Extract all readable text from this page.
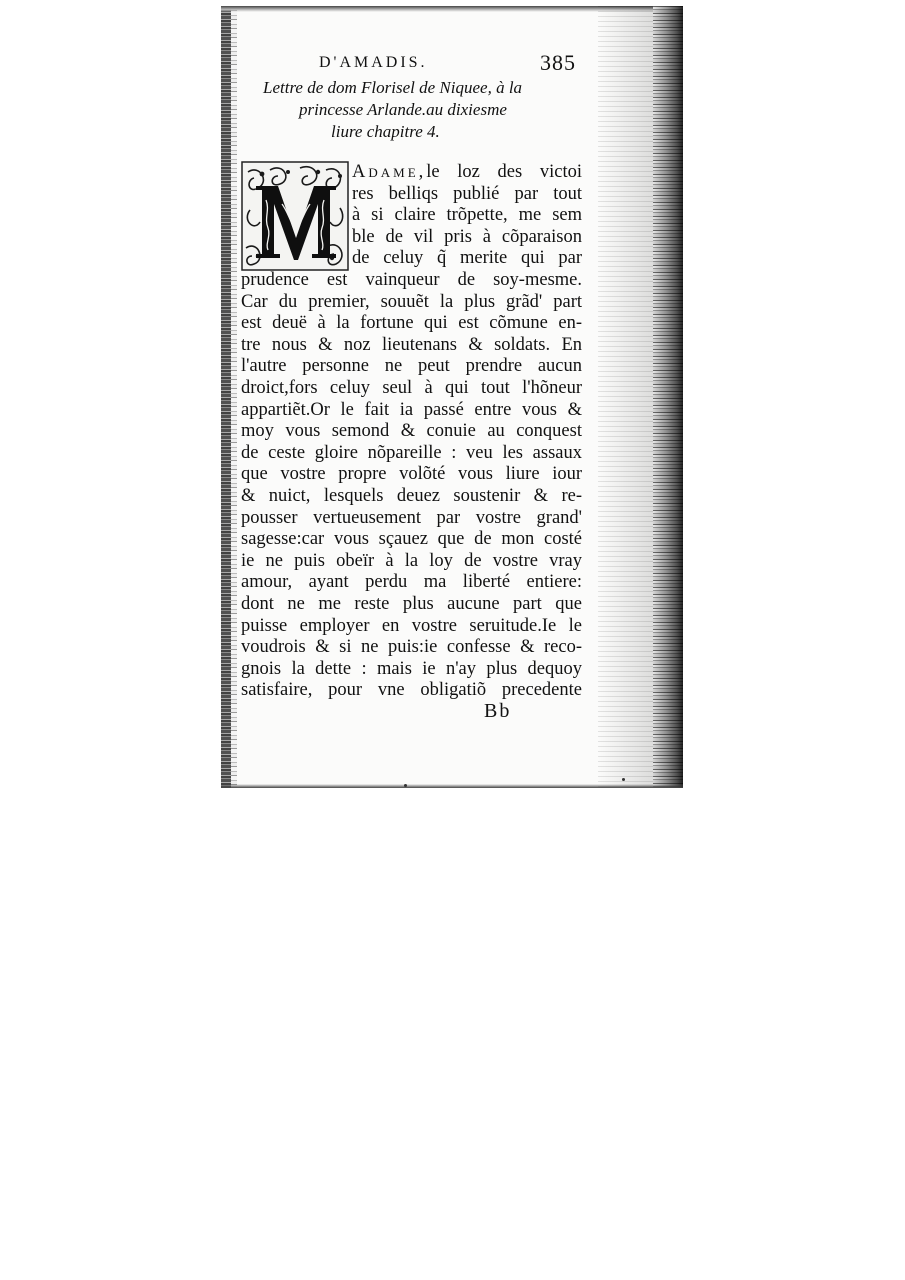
D'AMADIS.	385
Lettre de dom Florisel de Niquee, à la
princesse Arlande.au dixiesme
liure chapitre 4.
Adame,le loz des victoi
res belliqs publié par tout
à si claire trõpette, me sem
ble de vil pris à cõparaison
de celuy q̃ merite qui par
prudence est vainqueur de soy-mesme.
Car du premier, souuẽt la plus grãd' part
est deuë à la fortune qui est cõmune en-
tre nous & noz lieutenans & soldats. En
l'autre personne ne peut prendre aucun
droict,fors celuy seul à qui tout l'hõneur
appartiẽt.Or le fait ia passé entre vous &
moy vous semond & conuie au conquest
de ceste gloire nõpareille : veu les assaux
que vostre propre volõté vous liure iour
& nuict, lesquels deuez soustenir & re-
pousser vertueusement par vostre grand'
sagesse:car vous sçauez que de mon costé
ie ne puis obeïr à la loy de vostre vray
amour, ayant perdu ma liberté entiere:
dont ne me reste plus aucune part que
puisse employer en vostre seruitude.Ie le
voudrois & si ne puis:ie confesse & reco-
gnois la dette : mais ie n'ay plus dequoy
satisfaire, pour vne obligatiõ precedente
Bb
